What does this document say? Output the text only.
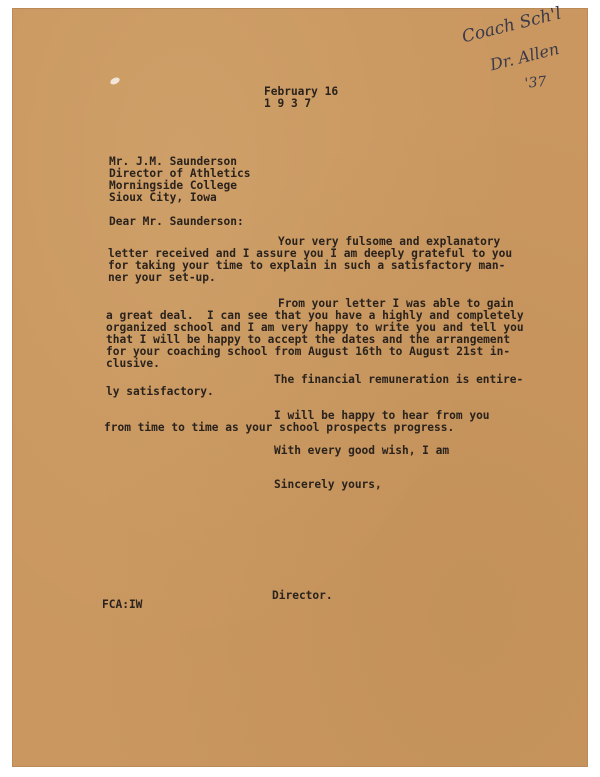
Coach Sch'l
Dr. Allen
'37
February 16
1 9 3 7
Mr. J.M. Saunderson
Director of Athletics
Morningside College
Sioux City, Iowa
Dear Mr. Saunderson:
Your very fulsome and explanatory
letter received and I assure you I am deeply grateful to you
for taking your time to explain in such a satisfactory man-
ner your set-up.
From your letter I was able to gain
a great deal.  I can see that you have a highly and completely
organized school and I am very happy to write you and tell you
that I will be happy to accept the dates and the arrangement
for your coaching school from August 16th to August 21st in-
clusive.
The financial remuneration is entire-
ly satisfactory.
I will be happy to hear from you
from time to time as your school prospects progress.
With every good wish, I am
Sincerely yours,
Director.
FCA:IW
